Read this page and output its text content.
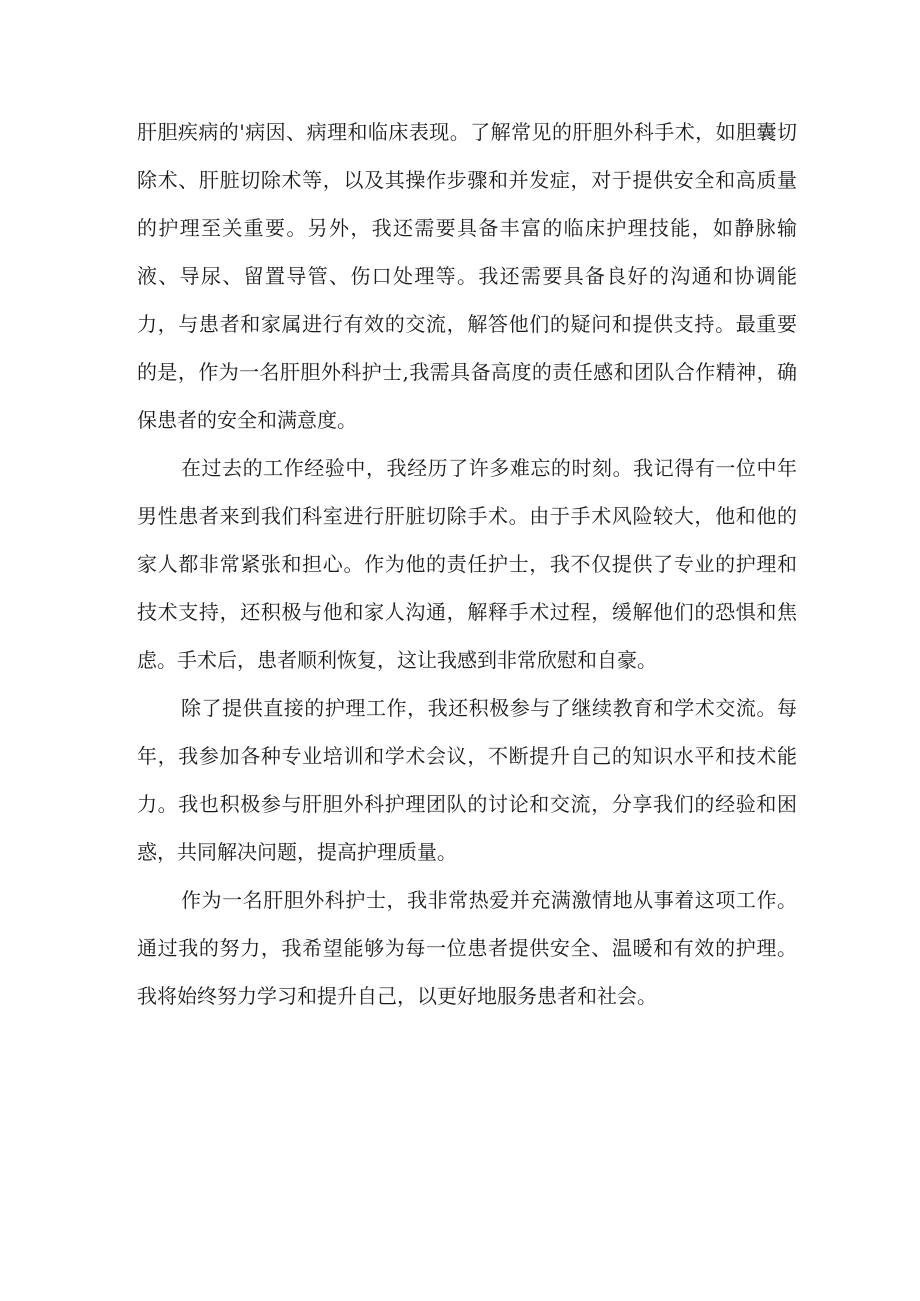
肝胆疾病的'病因、病理和临床表现。了解常见的肝胆外科手术，如胆囊切
除术、肝脏切除术等，以及其操作步骤和并发症，对于提供安全和高质量
的护理至关重要。另外，我还需要具备丰富的临床护理技能，如静脉输
液、导尿、留置导管、伤口处理等。我还需要具备良好的沟通和协调能
力，与患者和家属进行有效的交流，解答他们的疑问和提供支持。最重要
的是，作为一名肝胆外科护士,我需具备高度的责任感和团队合作精神，确
保患者的安全和满意度。
在过去的工作经验中，我经历了许多难忘的时刻。我记得有一位中年
男性患者来到我们科室进行肝脏切除手术。由于手术风险较大，他和他的
家人都非常紧张和担心。作为他的责任护士，我不仅提供了专业的护理和
技术支持，还积极与他和家人沟通，解释手术过程，缓解他们的恐惧和焦
虑。手术后，患者顺利恢复，这让我感到非常欣慰和自豪。
除了提供直接的护理工作，我还积极参与了继续教育和学术交流。每
年，我参加各种专业培训和学术会议，不断提升自己的知识水平和技术能
力。我也积极参与肝胆外科护理团队的讨论和交流，分享我们的经验和困
惑，共同解决问题，提高护理质量。
作为一名肝胆外科护士，我非常热爱并充满激情地从事着这项工作。
通过我的努力，我希望能够为每一位患者提供安全、温暖和有效的护理。
我将始终努力学习和提升自己，以更好地服务患者和社会。
